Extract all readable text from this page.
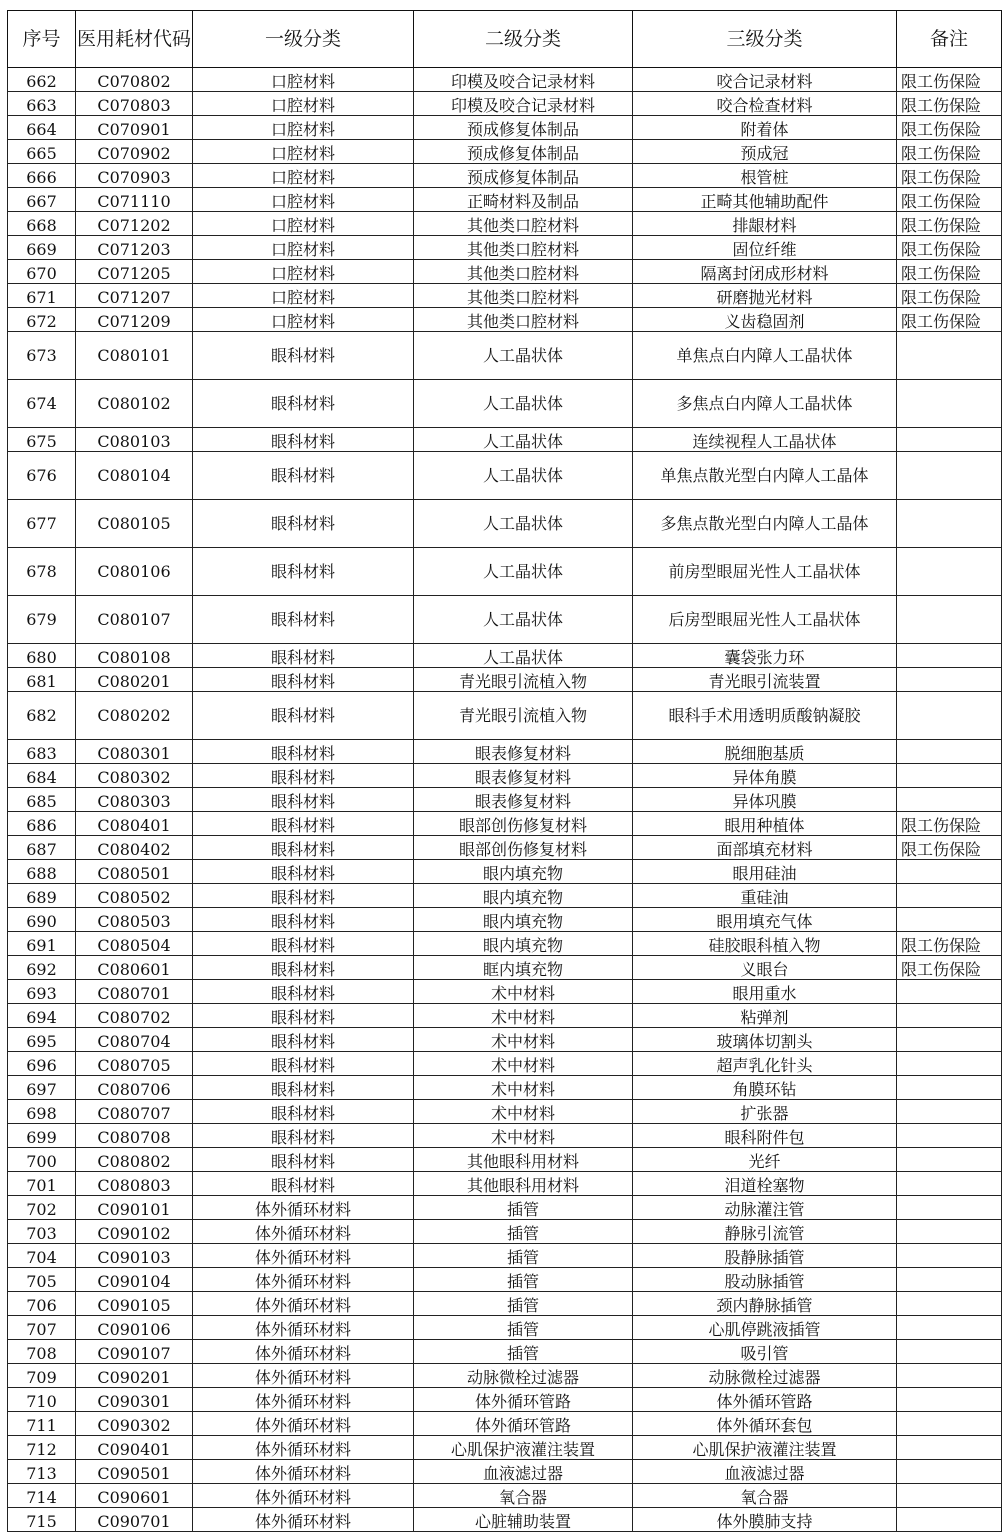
序号	医用耗材代码	一级分类	二级分类	三级分类	备注
662	C070802	口腔材料	印模及咬合记录材料	咬合记录材料	限工伤保险
663	C070803	口腔材料	印模及咬合记录材料	咬合检查材料	限工伤保险
664	C070901	口腔材料	预成修复体制品	附着体	限工伤保险
665	C070902	口腔材料	预成修复体制品	预成冠	限工伤保险
666	C070903	口腔材料	预成修复体制品	根管桩	限工伤保险
667	C071110	口腔材料	正畸材料及制品	正畸其他辅助配件	限工伤保险
668	C071202	口腔材料	其他类口腔材料	排龈材料	限工伤保险
669	C071203	口腔材料	其他类口腔材料	固位纤维	限工伤保险
670	C071205	口腔材料	其他类口腔材料	隔离封闭成形材料	限工伤保险
671	C071207	口腔材料	其他类口腔材料	研磨抛光材料	限工伤保险
672	C071209	口腔材料	其他类口腔材料	义齿稳固剂	限工伤保险
673	C080101	眼科材料	人工晶状体	单焦点白内障人工晶状体	
674	C080102	眼科材料	人工晶状体	多焦点白内障人工晶状体	
675	C080103	眼科材料	人工晶状体	连续视程人工晶状体	
676	C080104	眼科材料	人工晶状体	单焦点散光型白内障人工晶体	
677	C080105	眼科材料	人工晶状体	多焦点散光型白内障人工晶体	
678	C080106	眼科材料	人工晶状体	前房型眼屈光性人工晶状体	
679	C080107	眼科材料	人工晶状体	后房型眼屈光性人工晶状体	
680	C080108	眼科材料	人工晶状体	囊袋张力环	
681	C080201	眼科材料	青光眼引流植入物	青光眼引流装置	
682	C080202	眼科材料	青光眼引流植入物	眼科手术用透明质酸钠凝胶	
683	C080301	眼科材料	眼表修复材料	脱细胞基质	
684	C080302	眼科材料	眼表修复材料	异体角膜	
685	C080303	眼科材料	眼表修复材料	异体巩膜	
686	C080401	眼科材料	眼部创伤修复材料	眼用种植体	限工伤保险
687	C080402	眼科材料	眼部创伤修复材料	面部填充材料	限工伤保险
688	C080501	眼科材料	眼内填充物	眼用硅油	
689	C080502	眼科材料	眼内填充物	重硅油	
690	C080503	眼科材料	眼内填充物	眼用填充气体	
691	C080504	眼科材料	眼内填充物	硅胶眼科植入物	限工伤保险
692	C080601	眼科材料	眶内填充物	义眼台	限工伤保险
693	C080701	眼科材料	术中材料	眼用重水	
694	C080702	眼科材料	术中材料	粘弹剂	
695	C080704	眼科材料	术中材料	玻璃体切割头	
696	C080705	眼科材料	术中材料	超声乳化针头	
697	C080706	眼科材料	术中材料	角膜环钻	
698	C080707	眼科材料	术中材料	扩张器	
699	C080708	眼科材料	术中材料	眼科附件包	
700	C080802	眼科材料	其他眼科用材料	光纤	
701	C080803	眼科材料	其他眼科用材料	泪道栓塞物	
702	C090101	体外循环材料	插管	动脉灌注管	
703	C090102	体外循环材料	插管	静脉引流管	
704	C090103	体外循环材料	插管	股静脉插管	
705	C090104	体外循环材料	插管	股动脉插管	
706	C090105	体外循环材料	插管	颈内静脉插管	
707	C090106	体外循环材料	插管	心肌停跳液插管	
708	C090107	体外循环材料	插管	吸引管	
709	C090201	体外循环材料	动脉微栓过滤器	动脉微栓过滤器	
710	C090301	体外循环材料	体外循环管路	体外循环管路	
711	C090302	体外循环材料	体外循环管路	体外循环套包	
712	C090401	体外循环材料	心肌保护液灌注装置	心肌保护液灌注装置	
713	C090501	体外循环材料	血液滤过器	血液滤过器	
714	C090601	体外循环材料	氧合器	氧合器	
715	C090701	体外循环材料	心脏辅助装置	体外膜肺支持	
